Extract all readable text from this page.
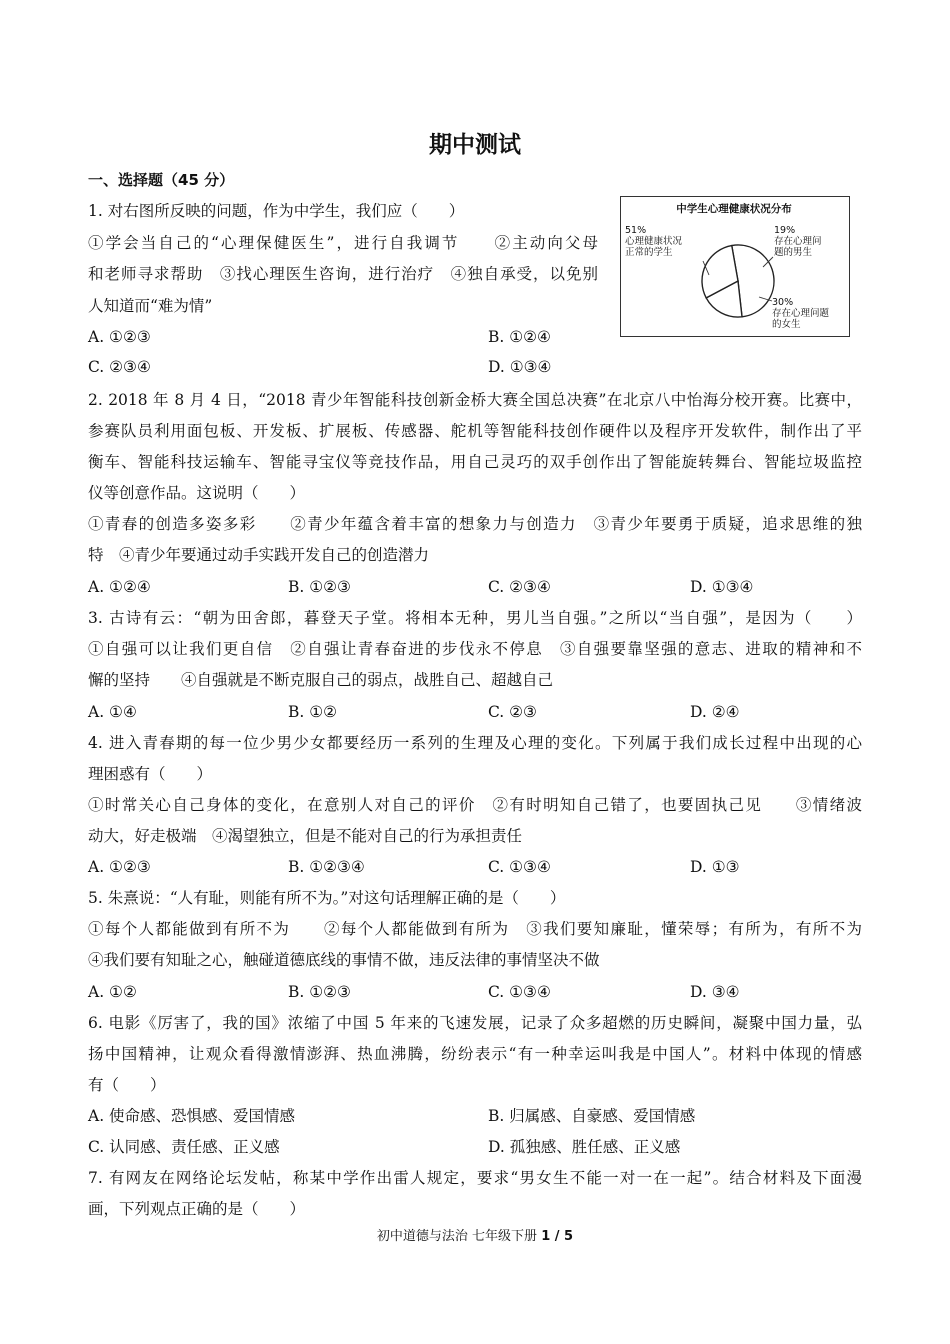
期中测试
一、选择题（45 分）
1. 对右图所反映的问题，作为中学生，我们应（　　）
①学会当自己的“心理保健医生”，进行自我调节　　②主动向父母
和老师寻求帮助　③找心理医生咨询，进行治疗　④独自承受，以免别
人知道而“难为情”
A. ①②③	B. ①②④
C. ②③④	D. ①③④
中学生心理健康状况分布
51%
心理健康状况
正常的学生
19%
存在心理问
题的男生
30%
存在心理问题
的女生
2. 2018 年 8 月 4 日，“2018 青少年智能科技创新金桥大赛全国总决赛”在北京八中怡海分校开赛。比赛中，
参赛队员利用面包板、开发板、扩展板、传感器、舵机等智能科技创作硬件以及程序开发软件，制作出了平
衡车、智能科技运输车、智能寻宝仪等竞技作品，用自己灵巧的双手创作出了智能旋转舞台、智能垃圾监控
仪等创意作品。这说明（　　）
①青春的创造多姿多彩　　②青少年蕴含着丰富的想象力与创造力　③青少年要勇于质疑，追求思维的独
特　④青少年要通过动手实践开发自己的创造潜力
A. ①②④	B. ①②③	C. ②③④	D. ①③④
3. 古诗有云：“朝为田舍郎，暮登天子堂。将相本无种，男儿当自强。”之所以“当自强”，是因为（　　）
①自强可以让我们更自信　②自强让青春奋进的步伐永不停息　③自强要靠坚强的意志、进取的精神和不
懈的坚持　　④自强就是不断克服自己的弱点，战胜自己、超越自己
A. ①④	B. ①②	C. ②③	D. ②④
4. 进入青春期的每一位少男少女都要经历一系列的生理及心理的变化。下列属于我们成长过程中出现的心
理困惑有（　　）
①时常关心自己身体的变化，在意别人对自己的评价　②有时明知自己错了，也要固执己见　　③情绪波
动大，好走极端　④渴望独立，但是不能对自己的行为承担责任
A. ①②③	B. ①②③④	C. ①③④	D. ①③
5. 朱熹说：“人有耻，则能有所不为。”对这句话理解正确的是（　　）
①每个人都能做到有所不为　　②每个人都能做到有所为　③我们要知廉耻，懂荣辱；有所为，有所不为
④我们要有知耻之心，触碰道德底线的事情不做，违反法律的事情坚决不做
A. ①②	B. ①②③	C. ①③④	D. ③④
6. 电影《厉害了，我的国》浓缩了中国 5 年来的飞速发展，记录了众多超燃的历史瞬间，凝聚中国力量，弘
扬中国精神，让观众看得激情澎湃、热血沸腾，纷纷表示“有一种幸运叫我是中国人”。材料中体现的情感
有（　　）
A. 使命感、恐惧感、爱国情感	B. 归属感、自豪感、爱国情感
C. 认同感、责任感、正义感	D. 孤独感、胜任感、正义感
7. 有网友在网络论坛发帖，称某中学作出雷人规定，要求“男女生不能一对一在一起”。结合材料及下面漫
画，下列观点正确的是（　　）
初中道德与法治 七年级下册 1 / 5
